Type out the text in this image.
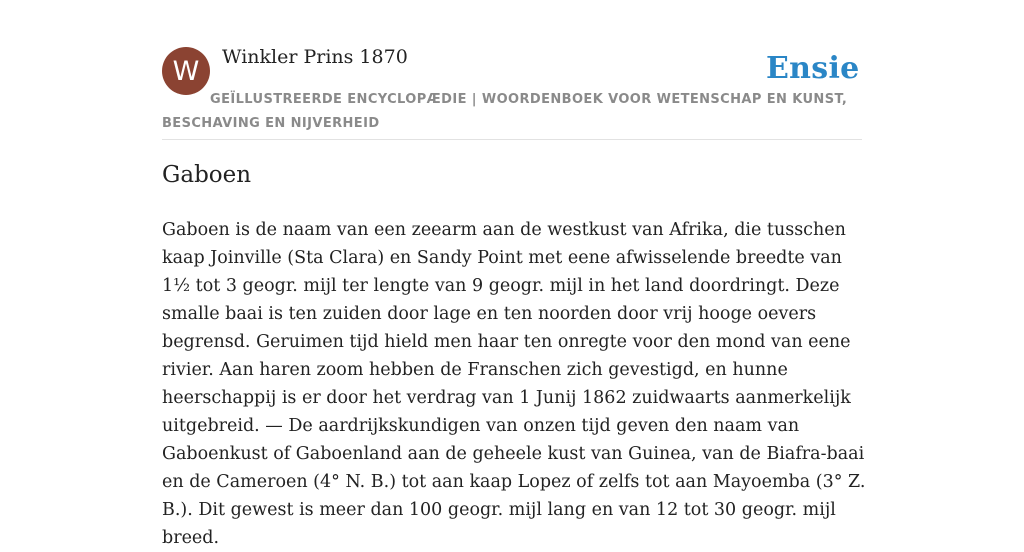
W Winkler Prins 1870	Ensie
GEÏLLUSTREERDE ENCYCLOPÆDIE | WOORDENBOEK VOOR WETENSCHAP EN KUNST, BESCHAVING EN NIJVERHEID
Gaboen

Gaboen is de naam van een zeearm aan de westkust van Afrika, die tusschen kaap Joinville (Sta Clara) en Sandy Point met eene afwisselende breedte van 1½ tot 3 geogr. mijl ter lengte van 9 geogr. mijl in het land doordringt. Deze smalle baai is ten zuiden door lage en ten noorden door vrij hooge oevers begrensd. Geruimen tijd hield men haar ten onregte voor den mond van eene rivier. Aan haren zoom hebben de Franschen zich gevestigd, en hunne heerschappij is er door het verdrag van 1 Junij 1862 zuidwaarts aanmerkelijk uitgebreid. — De aardrijkskundigen van onzen tijd geven den naam van Gaboenkust of Gaboenland aan de geheele kust van Guinea, van de Biafra-baai en de Cameroen (4° N. B.) tot aan kaap Lopez of zelfs tot aan Mayoemba (3° Z. B.). Dit gewest is meer dan 100 geogr. mijl lang en van 12 tot 30 geogr. mijl breed.
